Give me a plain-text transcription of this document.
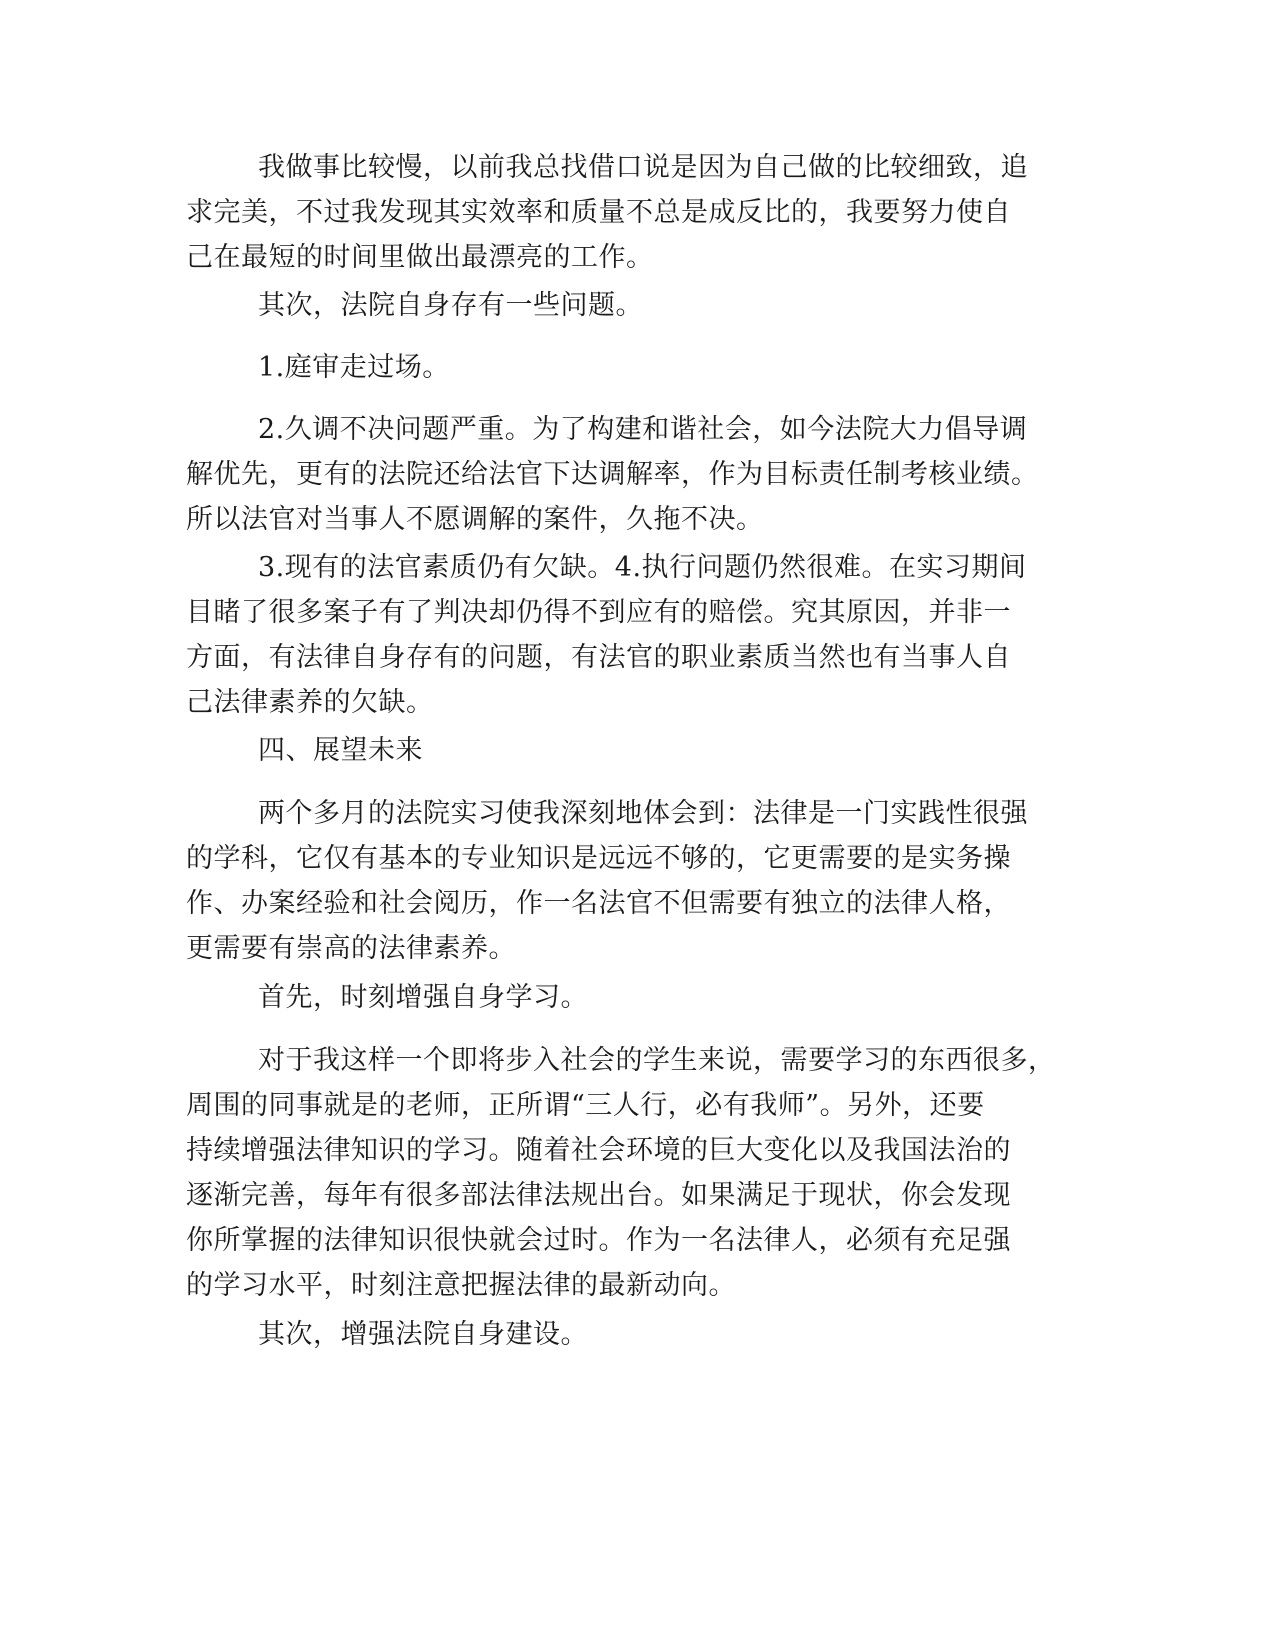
我做事比较慢，以前我总找借口说是因为自己做的比较细致，追
求完美，不过我发现其实效率和质量不总是成反比的，我要努力使自
己在最短的时间里做出最漂亮的工作。

其次，法院自身存有一些问题。

1.庭审走过场。

2.久调不决问题严重。为了构建和谐社会，如今法院大力倡导调
解优先，更有的法院还给法官下达调解率，作为目标责任制考核业绩。
所以法官对当事人不愿调解的案件，久拖不决。

3.现有的法官素质仍有欠缺。4.执行问题仍然很难。在实习期间
目睹了很多案子有了判决却仍得不到应有的赔偿。究其原因，并非一
方面，有法律自身存有的问题，有法官的职业素质当然也有当事人自
己法律素养的欠缺。

四、展望未来

两个多月的法院实习使我深刻地体会到：法律是一门实践性很强
的学科，它仅有基本的专业知识是远远不够的，它更需要的是实务操
作、办案经验和社会阅历，作一名法官不但需要有独立的法律人格，
更需要有崇高的法律素养。

首先，时刻增强自身学习。

对于我这样一个即将步入社会的学生来说，需要学习的东西很多，
周围的同事就是的老师，正所谓“三人行，必有我师”。另外，还要
持续增强法律知识的学习。随着社会环境的巨大变化以及我国法治的
逐渐完善，每年有很多部法律法规出台。如果满足于现状，你会发现
你所掌握的法律知识很快就会过时。作为一名法律人，必须有充足强
的学习水平，时刻注意把握法律的最新动向。

其次，增强法院自身建设。
